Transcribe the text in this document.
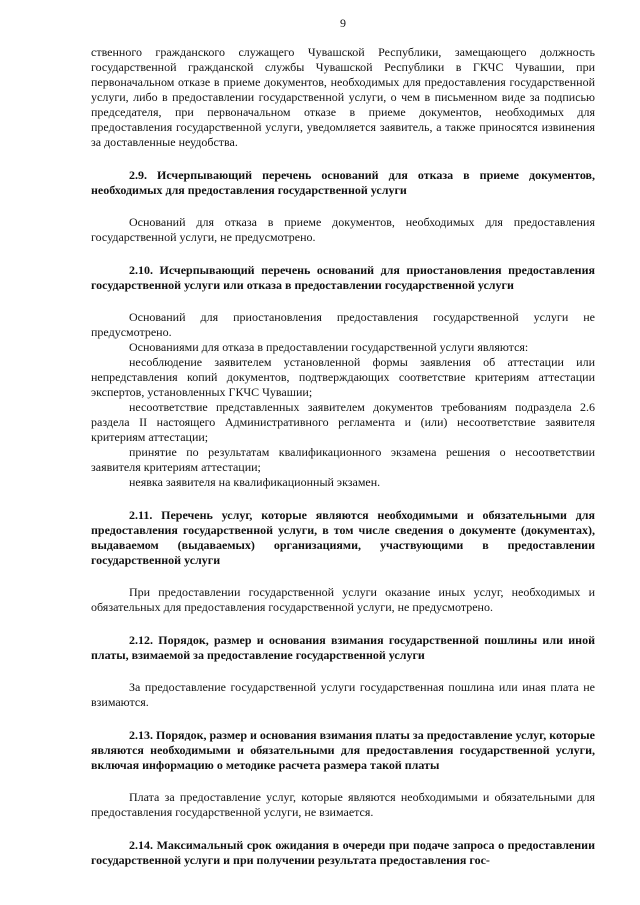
9

ственного гражданского служащего Чувашской Республики, замещающего должность государственной гражданской службы Чувашской Республики в ГКЧС Чувашии, при первоначальном отказе в приеме документов, необходимых для предоставления государственной услуги, либо в предоставлении государственной услуги, о чем в письменном виде за подписью председателя, при первоначальном отказе в приеме документов, необходимых для предоставления государственной услуги, уведомляется заявитель, а также приносятся извинения за доставленные неудобства.

2.9. Исчерпывающий перечень оснований для отказа в приеме документов, необходимых для предоставления государственной услуги

Оснований для отказа в приеме документов, необходимых для предоставления государственной услуги, не предусмотрено.

2.10. Исчерпывающий перечень оснований для приостановления предоставления государственной услуги или отказа в предоставлении государственной услуги

Оснований для приостановления предоставления государственной услуги не предусмотрено.

Основаниями для отказа в предоставлении государственной услуги являются:

несоблюдение заявителем установленной формы заявления об аттестации или непредставления копий документов, подтверждающих соответствие критериям аттестации экспертов, установленных ГКЧС Чувашии;

несоответствие представленных заявителем документов требованиям подраздела 2.6 раздела II настоящего Административного регламента и (или) несоответствие заявителя критериям аттестации;

принятие по результатам квалификационного экзамена решения о несоответствии заявителя критериям аттестации;

неявка заявителя на квалификационный экзамен.

2.11. Перечень услуг, которые являются необходимыми и обязательными для предоставления государственной услуги, в том числе сведения о документе (документах), выдаваемом (выдаваемых) организациями, участвующими в предоставлении государственной услуги

При предоставлении государственной услуги оказание иных услуг, необходимых и обязательных для предоставления государственной услуги, не предусмотрено.

2.12. Порядок, размер и основания взимания государственной пошлины или иной платы, взимаемой за предоставление государственной услуги

За предоставление государственной услуги государственная пошлина или иная плата не взимаются.

2.13. Порядок, размер и основания взимания платы за предоставление услуг, которые являются необходимыми и обязательными для предоставления государственной услуги, включая информацию о методике расчета размера такой платы

Плата за предоставление услуг, которые являются необходимыми и обязательными для предоставления государственной услуги, не взимается.

2.14. Максимальный срок ожидания в очереди при подаче запроса о предоставлении государственной услуги и при получении результата предоставления гос-
